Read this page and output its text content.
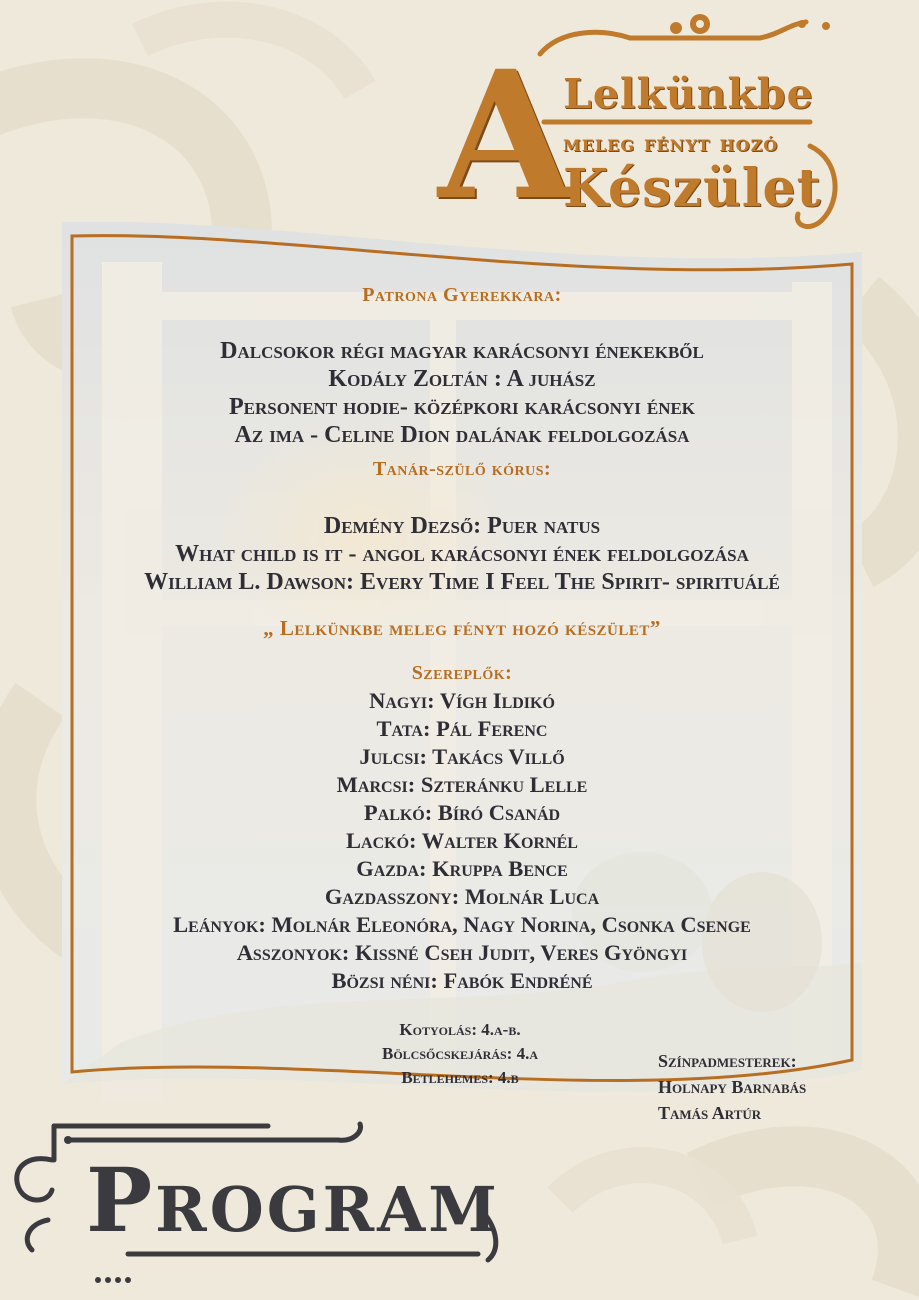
A
Lelkünkbe
meleg fényt hozó
Készület
Patrona Gyerekkara:
Dalcsokor régi magyar karácsonyi énekekből
Kodály Zoltán : A juhász
Personent hodie- középkori karácsonyi ének
Az ima - Celine Dion dalának feldolgozása
Tanár-szülő kórus:
Demény Dezső: Puer natus
What child is it - angol karácsonyi ének feldolgozása
William L. Dawson: Every Time I Feel The Spirit- spirituálé
„ Lelkünkbe meleg fényt hozó készület”
Szereplők:
Nagyi: Vígh Ildikó
Tata: Pál Ferenc
Julcsi: Takács Villő
Marcsi: Szteránku Lelle
Palkó: Bíró Csanád
Lackó: Walter Kornél
Gazda: Kruppa Bence
Gazdasszony: Molnár Luca
Leányok: Molnár Eleonóra, Nagy Norina, Csonka Csenge
Asszonyok: Kissné Cseh Judit, Veres Gyöngyi
Bözsi néni: Fabók Endréné
Kotyolás: 4.a-b.
Bölcsőcskejárás: 4.a
Betlehemes: 4.b
Színpadmesterek:
Holnapy Barnabás
Tamás Artúr
Program
